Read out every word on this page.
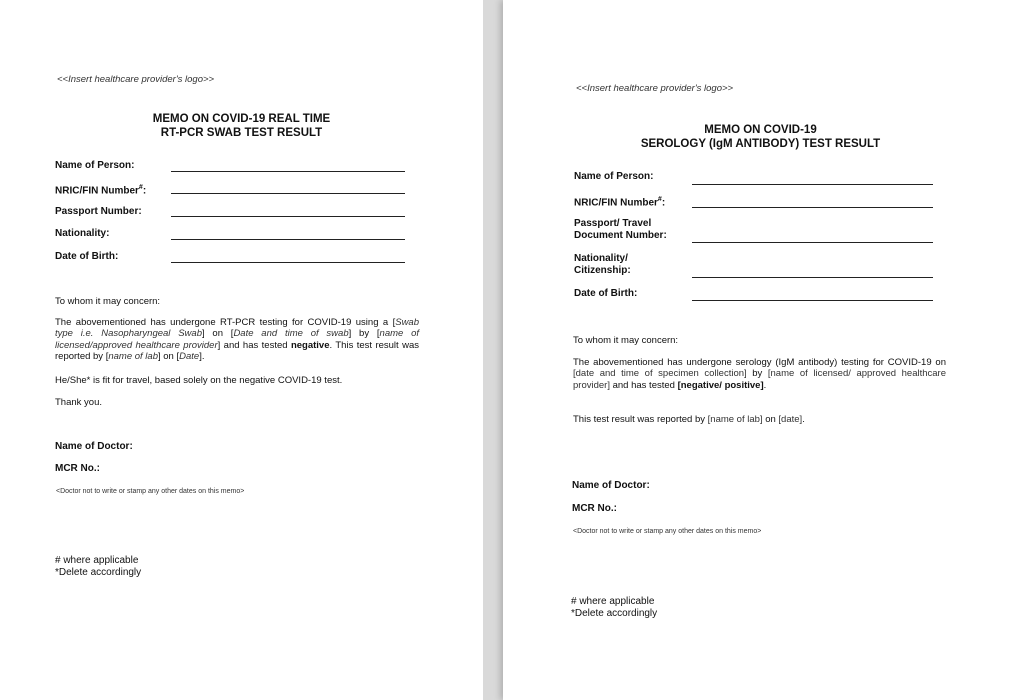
<<Insert healthcare provider's logo>>
MEMO ON COVID-19 REAL TIME
RT-PCR SWAB TEST RESULT
Name of Person:
NRIC/FIN Number#:
Passport Number:
Nationality:
Date of Birth:
To whom it may concern:
The abovementioned has undergone RT-PCR testing for COVID-19 using a [Swab type i.e. Nasopharyngeal Swab] on [Date and time of swab] by [name of licensed/approved healthcare provider] and has tested negative. This test result was reported by [name of lab] on [Date].
He/She* is fit for travel, based solely on the negative COVID-19 test.
Thank you.
Name of Doctor:
MCR No.:
<Doctor not to write or stamp any other dates on this memo>
# where applicable
*Delete accordingly
<<Insert healthcare provider's logo>>
MEMO ON COVID-19
SEROLOGY (IgM ANTIBODY) TEST RESULT
Name of Person:
NRIC/FIN Number#:
Passport/ Travel
Document Number:
Nationality/
Citizenship:
Date of Birth:
To whom it may concern:
The abovementioned has undergone serology (IgM antibody) testing for COVID-19 on [date and time of specimen collection] by [name of licensed/ approved healthcare provider] and has tested [negative/ positive].
This test result was reported by [name of lab] on [date].
Name of Doctor:
MCR No.:
<Doctor not to write or stamp any other dates on this memo>
# where applicable
*Delete accordingly
